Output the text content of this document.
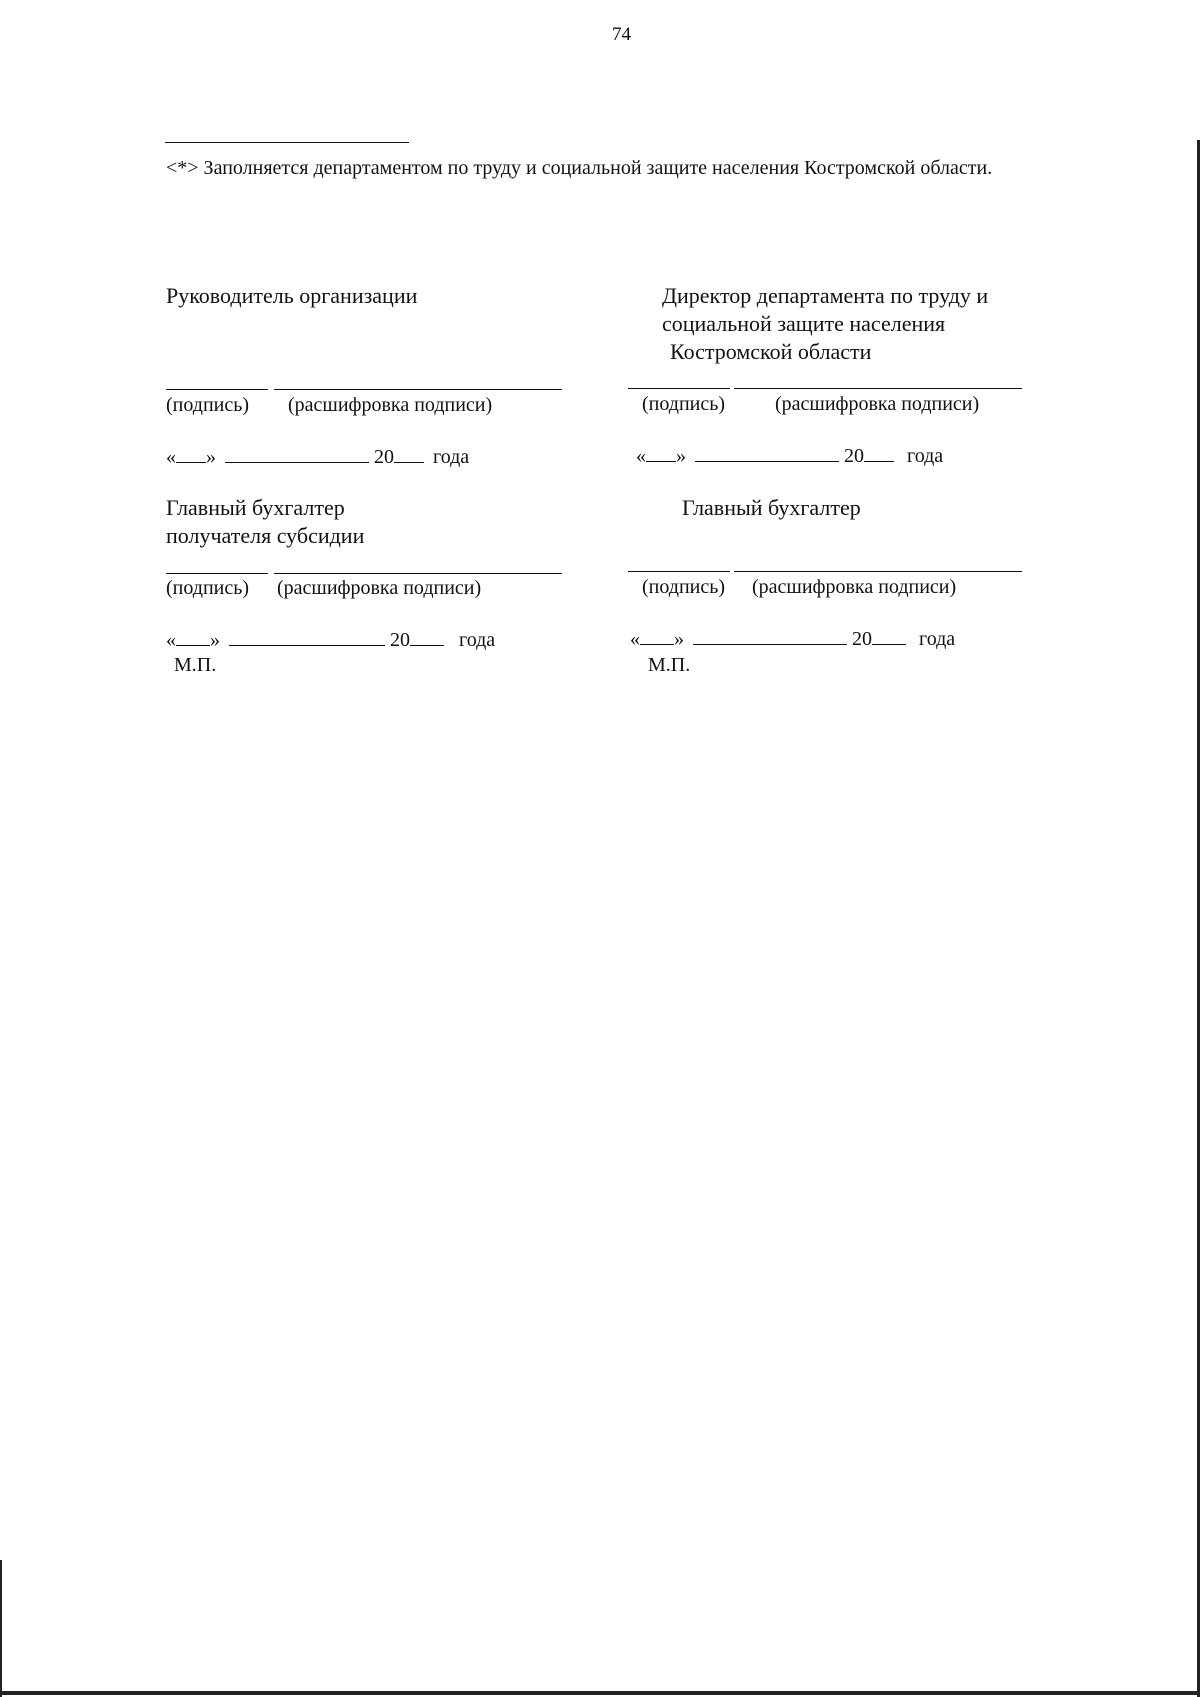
74
<*> Заполняется департаментом по труду и социальной защите населения Костромской области.
Руководитель организации
(подпись) (расшифровка подписи)
« »	20 года
Главный бухгалтер
получателя субсидии
(подпись) (расшифровка подписи)
« »	20 года
М.П.
Директор департамента по труду и
социальной защите населения
Костромской области
(подпись) (расшифровка подписи)
« »	20 года
Главный бухгалтер
(подпись) (расшифровка подписи)
« »	20 года
М.П.
